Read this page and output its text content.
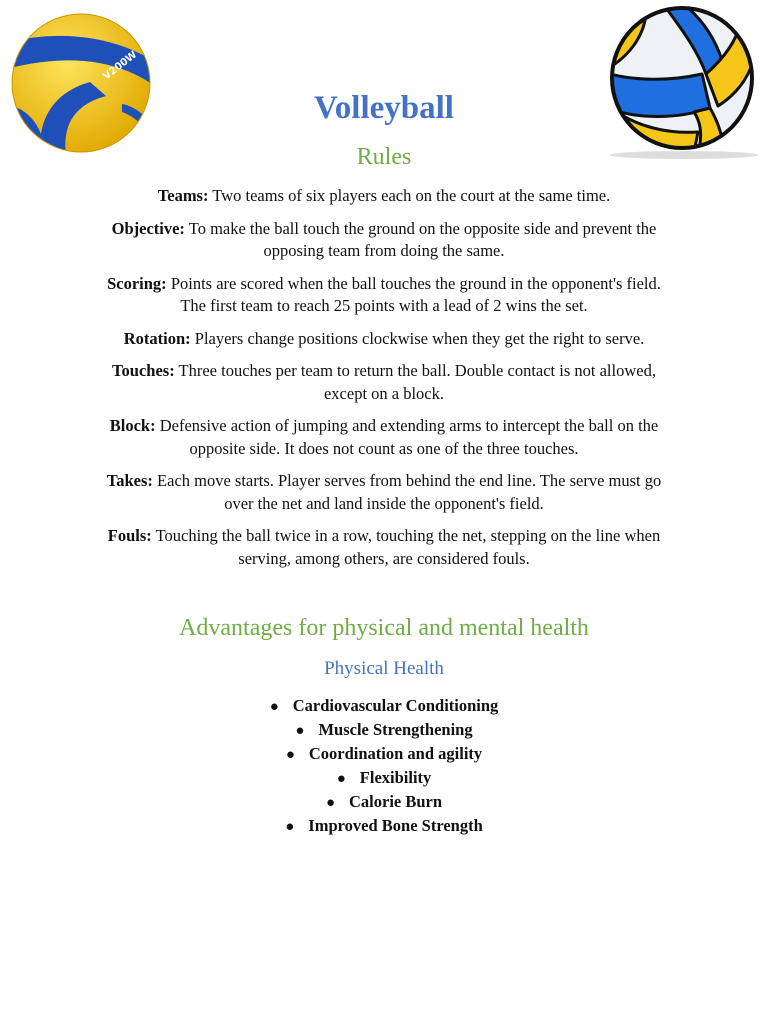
V200W
Volleyball
Rules

Teams: Two teams of six players each on the court at the same time.

Objective: To make the ball touch the ground on the opposite side and prevent the opposing team from doing the same.

Scoring: Points are scored when the ball touches the ground in the opponent's field. The first team to reach 25 points with a lead of 2 wins the set.

Rotation: Players change positions clockwise when they get the right to serve.

Touches: Three touches per team to return the ball. Double contact is not allowed, except on a block.

Block: Defensive action of jumping and extending arms to intercept the ball on the opposite side. It does not count as one of the three touches.

Takes: Each move starts. Player serves from behind the end line. The serve must go over the net and land inside the opponent's field.

Fouls: Touching the ball twice in a row, touching the net, stepping on the line when serving, among others, are considered fouls.

Advantages for physical and mental health
Physical Health
● Cardiovascular Conditioning
● Muscle Strengthening
● Coordination and agility
● Flexibility
● Calorie Burn
● Improved Bone Strength
